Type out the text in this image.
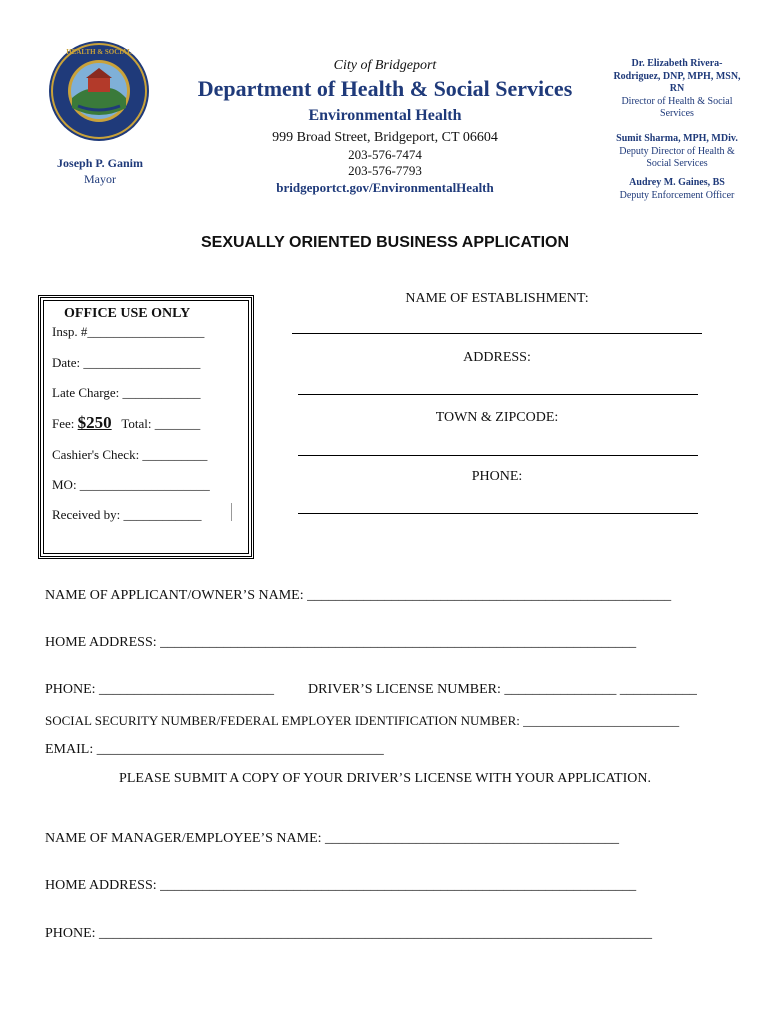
HEALTH & SOCIAL
Joseph P. Ganim
Mayor
City of Bridgeport
Department of Health & Social Services
Environmental Health
999 Broad Street, Bridgeport, CT 06604
203-576-7474
203-576-7793
bridgeportct.gov/EnvironmentalHealth
Dr. Elizabeth Rivera-
Rodriguez, DNP, MPH, MSN,
RN
Director of Health & Social
Services
Sumit Sharma, MPH, MDiv.
Deputy Director of Health &
Social Services
Audrey M. Gaines, BS
Deputy Enforcement Officer
SEXUALLY ORIENTED BUSINESS APPLICATION
OFFICE USE ONLY
Insp. #__________________
Date: __________________
Late Charge: ____________
Fee: $250 Total: _______
Cashier's Check: __________
MO: ____________________
Received by: ____________
NAME OF ESTABLISHMENT:
ADDRESS:
TOWN & ZIPCODE:
PHONE:
NAME OF APPLICANT/OWNER’S NAME: ____________________________________________________
HOME ADDRESS: ____________________________________________________________________
PHONE: _________________________ DRIVER’S LICENSE NUMBER: ________________ ___________
SOCIAL SECURITY NUMBER/FEDERAL EMPLOYER IDENTIFICATION NUMBER: ________________________
EMAIL: _________________________________________
PLEASE SUBMIT A COPY OF YOUR DRIVER’S LICENSE WITH YOUR APPLICATION.
NAME OF MANAGER/EMPLOYEE’S NAME: __________________________________________
HOME ADDRESS: ____________________________________________________________________
PHONE: _______________________________________________________________________________
